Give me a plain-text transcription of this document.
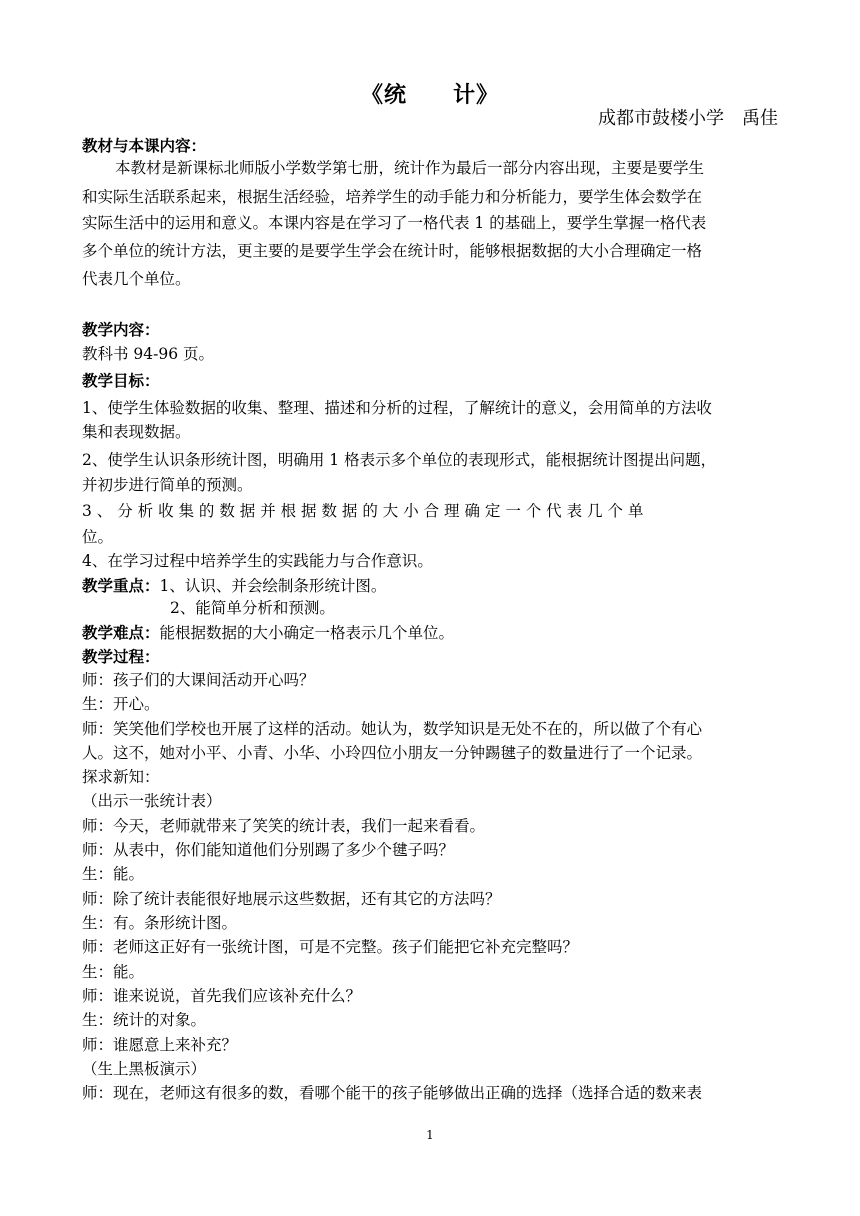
《统　　计》
成都市鼓楼小学　禹佳
教材与本课内容：
本教材是新课标北师版小学数学第七册，统计作为最后一部分内容出现，主要是要学生
和实际生活联系起来，根据生活经验，培养学生的动手能力和分析能力，要学生体会数学在
实际生活中的运用和意义。本课内容是在学习了一格代表 1 的基础上，要学生掌握一格代表
多个单位的统计方法，更主要的是要学生学会在统计时，能够根据数据的大小合理确定一格
代表几个单位。
教学内容：
教科书 94-96 页。
教学目标：
1、使学生体验数据的收集、整理、描述和分析的过程，了解统计的意义，会用简单的方法收
集和表现数据。
2、使学生认识条形统计图，明确用 1 格表示多个单位的表现形式，能根据统计图提出问题，
并初步进行简单的预测。
3 、 分 析 收 集 的 数 据 并 根 据 数 据 的 大 小 合 理 确 定 一 个 代 表 几 个 单
位。
4、在学习过程中培养学生的实践能力与合作意识。
教学重点：1、认识、并会绘制条形统计图。
2、能简单分析和预测。
教学难点：能根据数据的大小确定一格表示几个单位。
教学过程：
师：孩子们的大课间活动开心吗？
生：开心。
师：笑笑他们学校也开展了这样的活动。她认为，数学知识是无处不在的，所以做了个有心
人。这不，她对小平、小青、小华、小玲四位小朋友一分钟踢毽子的数量进行了一个记录。
探求新知：
（出示一张统计表）
师：今天，老师就带来了笑笑的统计表，我们一起来看看。
师：从表中，你们能知道他们分别踢了多少个毽子吗？
生：能。
师：除了统计表能很好地展示这些数据，还有其它的方法吗？
生：有。条形统计图。
师：老师这正好有一张统计图，可是不完整。孩子们能把它补充完整吗？
生：能。
师：谁来说说，首先我们应该补充什么？
生：统计的对象。
师：谁愿意上来补充？
（生上黑板演示）
师：现在，老师这有很多的数，看哪个能干的孩子能够做出正确的选择（选择合适的数来表
1
